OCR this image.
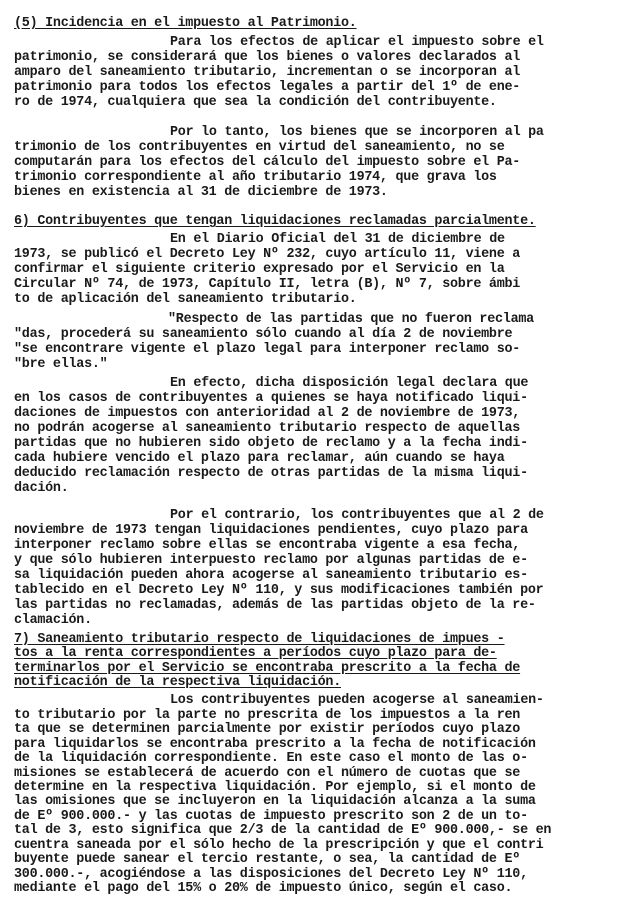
(5) Incidencia en el impuesto al Patrimonio.
Para los efectos de aplicar el impuesto sobre el
patrimonio, se considerará que los bienes o valores declarados al
amparo del saneamiento tributario, incrementan o se incorporan al
patrimonio para todos los efectos legales a partir del 1º de ene-
ro de 1974, cualquiera que sea la condición del contribuyente.
Por lo tanto, los bienes que se incorporen al pa
trimonio de los contribuyentes en virtud del saneamiento, no se
computarán para los efectos del cálculo del impuesto sobre el Pa-
trimonio correspondiente al año tributario 1974, que grava los
bienes en existencia al 31 de diciembre de 1973.
6) Contribuyentes que tengan liquidaciones reclamadas parcialmente.
En el Diario Oficial del 31 de diciembre de
1973, se publicó el Decreto Ley Nº 232, cuyo artículo 11, viene a
confirmar el siguiente criterio expresado por el Servicio en la
Circular Nº 74, de 1973, Capítulo II, letra (B), Nº 7, sobre ámbi
to de aplicación del saneamiento tributario.
"Respecto de las partidas que no fueron reclama
"das, procederá su saneamiento sólo cuando al día 2 de noviembre
"se encontrare vigente el plazo legal para interponer reclamo so-
"bre ellas."
En efecto, dicha disposición legal declara que
en los casos de contribuyentes a quienes se haya notificado liqui-
daciones de impuestos con anterioridad al 2 de noviembre de 1973,
no podrán acogerse al saneamiento tributario respecto de aquellas
partidas que no hubieren sido objeto de reclamo y a la fecha indi-
cada hubiere vencido el plazo para reclamar, aún cuando se haya
deducido reclamación respecto de otras partidas de la misma liqui-
dación.
Por el contrario, los contribuyentes que al 2 de
noviembre de 1973 tengan liquidaciones pendientes, cuyo plazo para
interponer reclamo sobre ellas se encontraba vigente a esa fecha,
y que sólo hubieren interpuesto reclamo por algunas partidas de e-
sa liquidación pueden ahora acogerse al saneamiento tributario es-
tablecido en el Decreto Ley Nº 110, y sus modificaciones también por
las partidas no reclamadas, además de las partidas objeto de la re-
clamación.
7) Saneamiento tributario respecto de liquidaciones de impues -
tos a la renta correspondientes a períodos cuyo plazo para de-
terminarlos por el Servicio se encontraba prescrito a la fecha de
notificación de la respectiva liquidación.
Los contribuyentes pueden acogerse al saneamien-
to tributario por la parte no prescrita de los impuestos a la ren
ta que se determinen parcialmente por existir períodos cuyo plazo
para liquidarlos se encontraba prescrito a la fecha de notificación
de la liquidación correspondiente. En este caso el monto de las o-
misiones se establecerá de acuerdo con el número de cuotas que se
determine en la respectiva liquidación. Por ejemplo, si el monto de
las omisiones que se incluyeron en la liquidación alcanza a la suma
de Eº 900.000.- y las cuotas de impuesto prescrito son 2 de un to-
tal de 3, esto significa que 2/3 de la cantidad de Eº 900.000,- se en
cuentra saneada por el sólo hecho de la prescripción y que el contri
buyente puede sanear el tercio restante, o sea, la cantidad de Eº
300.000.-, acogiéndose a las disposiciones del Decreto Ley Nº 110,
mediante el pago del 15% o 20% de impuesto único, según el caso.
